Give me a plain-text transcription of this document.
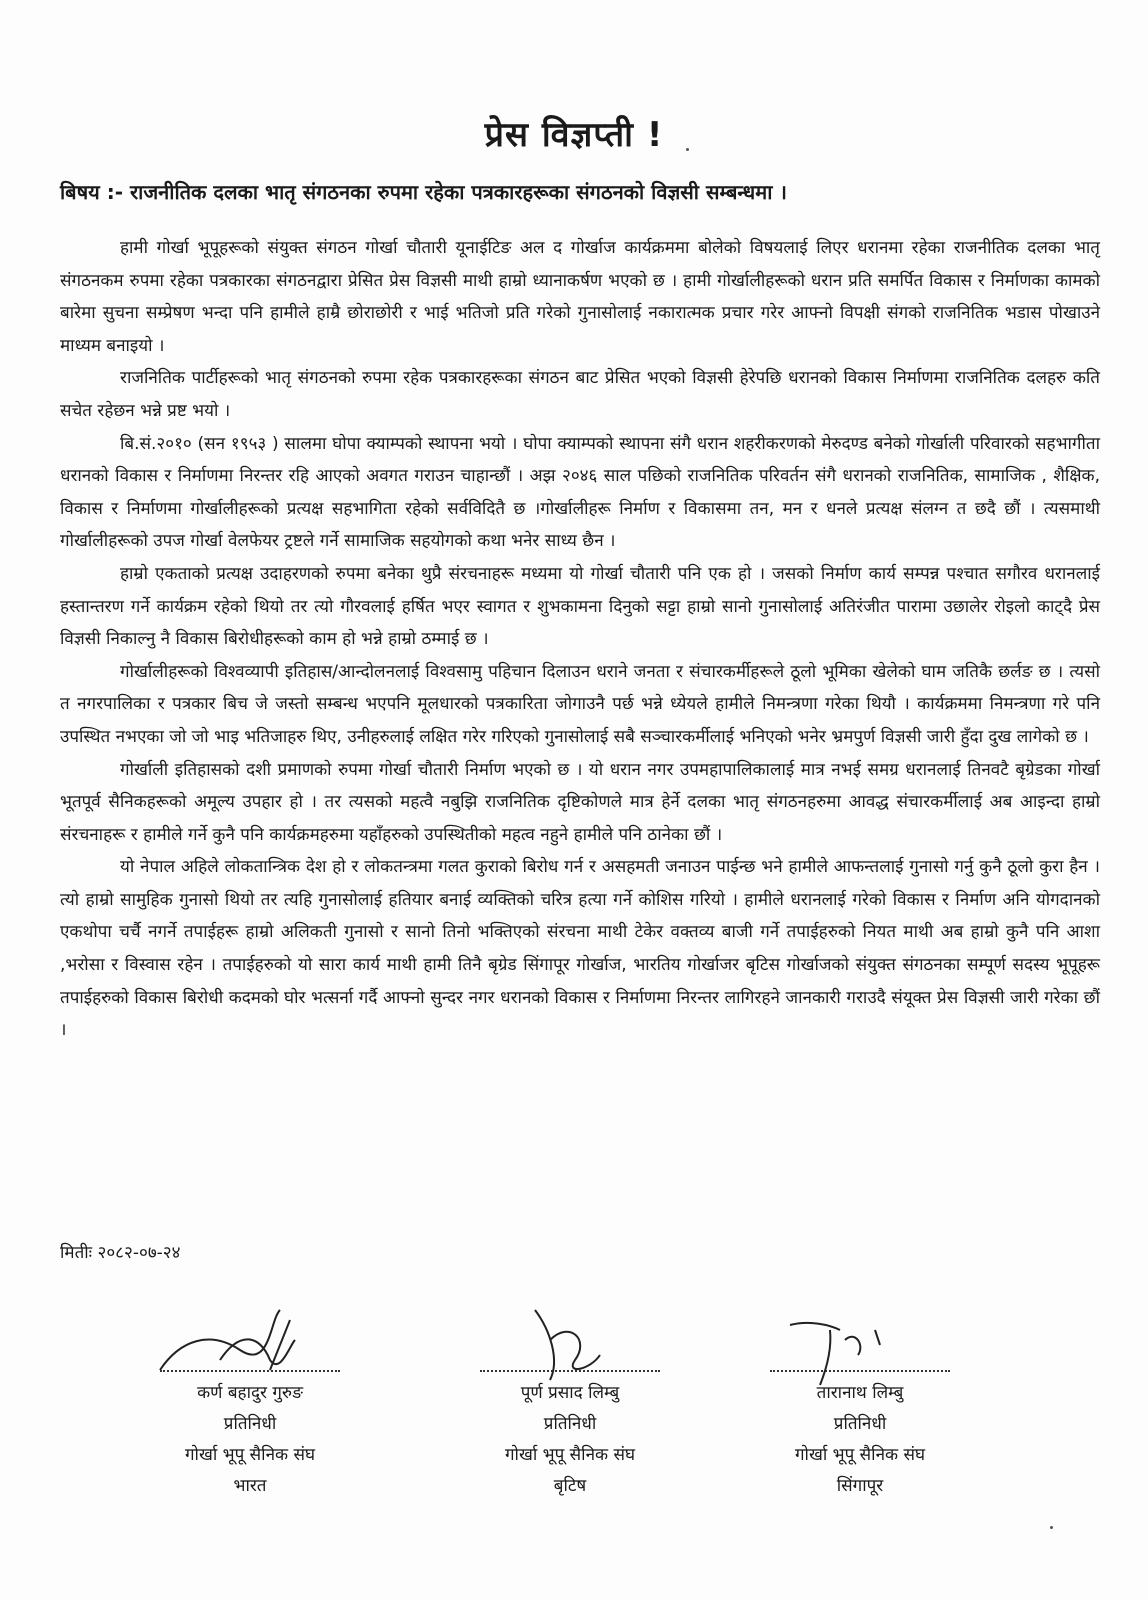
प्रेस विज्ञप्ती !
बिषय :- राजनीतिक दलका भातृ संगठनका रुपमा रहेका पत्रकारहरूका संगठनको विज्ञसी सम्बन्धमा ।

हामी गोर्खा भूपूहरूको संयुक्त संगठन गोर्खा चौतारी यूनाईटिङ अल द गोर्खाज कार्यक्रममा बोलेको विषयलाई लिएर धरानमा रहेका राजनीतिक दलका भातृ संगठनकम रुपमा रहेका पत्रकारका संगठनद्वारा प्रेसित प्रेस विज्ञसी माथी हाम्रो ध्यानाकर्षण भएको छ । हामी गोर्खालीहरूको धरान प्रति समर्पित विकास र निर्माणका कामको बारेमा सुचना सम्प्रेषण भन्दा पनि हामीले हाम्रै छोराछोरी र भाई भतिजो प्रति गरेको गुनासोलाई नकारात्मक प्रचार गरेर आफ्नो विपक्षी संगको राजनितिक भडास पोखाउने माध्यम बनाइयो ।

राजनितिक पार्टीहरूको भातृ संगठनको रुपमा रहेक पत्रकारहरूका संगठन बाट प्रेसित भएको विज्ञसी हेरेपछि धरानको विकास निर्माणमा राजनितिक दलहरु कति सचेत रहेछन भन्ने प्रष्ट भयो ।

बि.सं.२०१० (सन १९५३ ) सालमा घोपा क्याम्पको स्थापना भयो । घोपा क्याम्पको स्थापना संगै धरान शहरीकरणको मेरुदण्ड बनेको गोर्खाली परिवारको सहभागीता धरानको विकास र निर्माणमा निरन्तर रहि आएको अवगत गराउन चाहान्छौं । अझ २०४६ साल पछिको राजनितिक परिवर्तन संगै धरानको राजनितिक, सामाजिक , शैक्षिक, विकास र निर्माणमा गोर्खालीहरूको प्रत्यक्ष सहभागिता रहेको सर्वविदितै छ ।गोर्खालीहरू निर्माण र विकासमा तन, मन र धनले प्रत्यक्ष संलग्न त छदै छौं । त्यसमाथी गोर्खालीहरूको उपज गोर्खा वेलफेयर ट्रष्टले गर्ने सामाजिक सहयोगको कथा भनेर साध्य छैन ।

हाम्रो एकताको प्रत्यक्ष उदाहरणको रुपमा बनेका थुप्रै संरचनाहरू मध्यमा यो गोर्खा चौतारी पनि एक हो । जसको निर्माण कार्य सम्पन्न पश्चात सगौरव धरानलाई हस्तान्तरण गर्ने कार्यक्रम रहेको थियो तर त्यो गौरवलाई हर्षित भएर स्वागत र शुभकामना दिनुको सट्टा हाम्रो सानो गुनासोलाई अतिरंजीत पारामा उछालेर रोइलो काट्दै प्रेस विज्ञसी निकाल्नु नै विकास बिरोधीहरूको काम हो भन्ने हाम्रो ठम्माई छ ।

गोर्खालीहरूको विश्वव्यापी इतिहास/आन्दोलनलाई विश्वसामु पहिचान दिलाउन धराने जनता र संचारकर्मीहरूले ठूलो भूमिका खेलेको घाम जतिकै छर्लङ छ । त्यसो त नगरपालिका र पत्रकार बिच जे जस्तो सम्बन्ध भएपनि मूलधारको पत्रकारिता जोगाउनै पर्छ भन्ने ध्येयले हामीले निमन्त्रणा गरेका थियौ । कार्यक्रममा निमन्त्रणा गरे पनि उपस्थित नभएका जो जो भाइ भतिजाहरु थिए, उनीहरुलाई लक्षित गरेर गरिएको गुनासोलाई सबै सञ्चारकर्मीलाई भनिएको भनेर भ्रमपुर्ण विज्ञसी जारी हुँदा दुख लागेको छ ।

गोर्खाली इतिहासको दशी प्रमाणको रुपमा गोर्खा चौतारी निर्माण भएको छ । यो धरान नगर उपमहापालिकालाई मात्र नभई समग्र धरानलाई तिनवटै बृग्रेडका गोर्खा भूतपूर्व सैनिकहरूको अमूल्य उपहार हो । तर त्यसको महत्वै नबुझि राजनितिक दृष्टिकोणले मात्र हेर्ने दलका भातृ संगठनहरुमा आवद्ध संचारकर्मीलाई अब आइन्दा हाम्रो संरचनाहरू र हामीले गर्ने कुनै पनि कार्यक्रमहरुमा यहाँहरुको उपस्थितीको महत्व नहुने हामीले पनि ठानेका छौं ।

यो नेपाल अहिले लोकतान्त्रिक देश हो र लोकतन्त्रमा गलत कुराको बिरोध गर्न र असहमती जनाउन पाईन्छ भने हामीले आफन्तलाई गुनासो गर्नु कुनै ठूलो कुरा हैन । त्यो हाम्रो सामुहिक गुनासो थियो तर त्यहि गुनासोलाई हतियार बनाई व्यक्तिको चरित्र हत्या गर्ने कोशिस गरियो । हामीले धरानलाई गरेको विकास र निर्माण अनि योगदानको एकथोपा चर्चै नगर्ने तपाईहरू हाम्रो अलिकती गुनासो र सानो तिनो भक्तिएको संरचना माथी टेकेर वक्तव्य बाजी गर्ने तपाईहरुको नियत माथी अब हाम्रो कुनै पनि आशा ,भरोसा र विस्वास रहेन । तपाईहरुको यो सारा कार्य माथी हामी तिनै बृग्रेड सिंगापूर गोर्खाज, भारतिय गोर्खाजर बृटिस गोर्खाजको संयुक्त संगठनका सम्पूर्ण सदस्य भूपूहरू तपाईहरुको विकास बिरोधी कदमको घोर भत्सर्ना गर्दै आफ्नो सुन्दर नगर धरानको विकास र निर्माणमा निरन्तर लागिरहने जानकारी गराउदै संयूक्त प्रेस विज्ञसी जारी गरेका छौं ।

मितीः २०८२-०७-२४
कर्ण बहादुर गुरुङ
प्रतिनिधी
गोर्खा भूपू सैनिक संघ
भारत
पूर्ण प्रसाद लिम्बु
प्रतिनिधी
गोर्खा भूपू सैनिक संघ
बृटिष
तारानाथ लिम्बु
प्रतिनिधी
गोर्खा भूपू सैनिक संघ
सिंगापूर
